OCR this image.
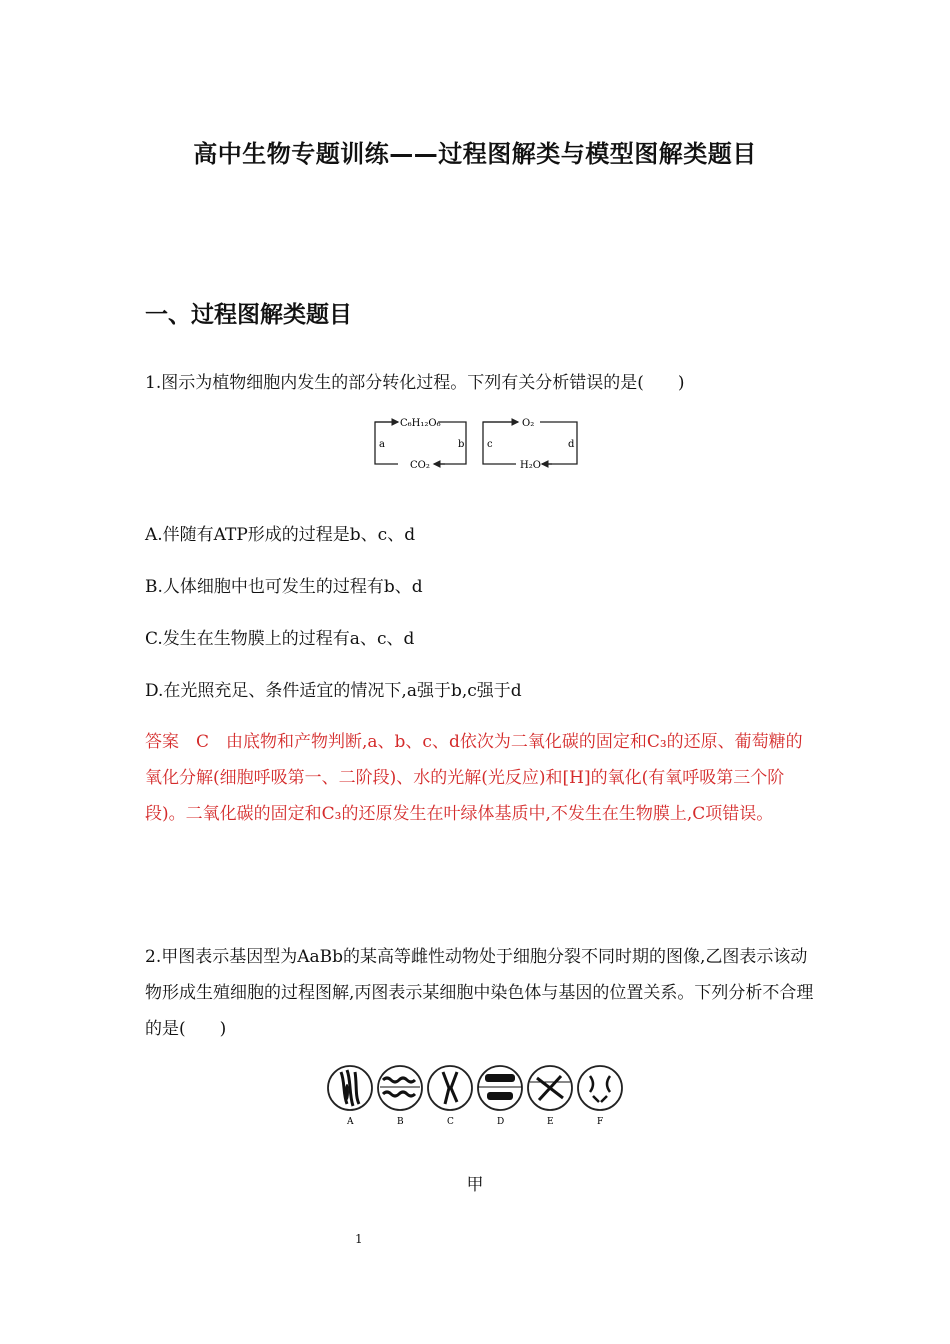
高中生物专题训练——过程图解类与模型图解类题目
一、过程图解类题目
1.图示为植物细胞内发生的部分转化过程。下列有关分析错误的是(　　)
C₆H₁₂O₆
CO₂
a	b
O₂
H₂O
c	d
A.伴随有ATP形成的过程是b、c、d
B.人体细胞中也可发生的过程有b、d
C.发生在生物膜上的过程有a、c、d
D.在光照充足、条件适宜的情况下,a强于b,c强于d
答案　C　由底物和产物判断,a、b、c、d依次为二氧化碳的固定和C₃的还原、葡萄糖的氧化分解(细胞呼吸第一、二阶段)、水的光解(光反应)和[H]的氧化(有氧呼吸第三个阶段)。二氧化碳的固定和C₃的还原发生在叶绿体基质中,不发生在生物膜上,C项错误。
2.甲图表示基因型为AaBb的某高等雌性动物处于细胞分裂不同时期的图像,乙图表示该动物形成生殖细胞的过程图解,丙图表示某细胞中染色体与基因的位置关系。下列分析不合理的是(　　)
A	B	C	D	E	F
甲
1
